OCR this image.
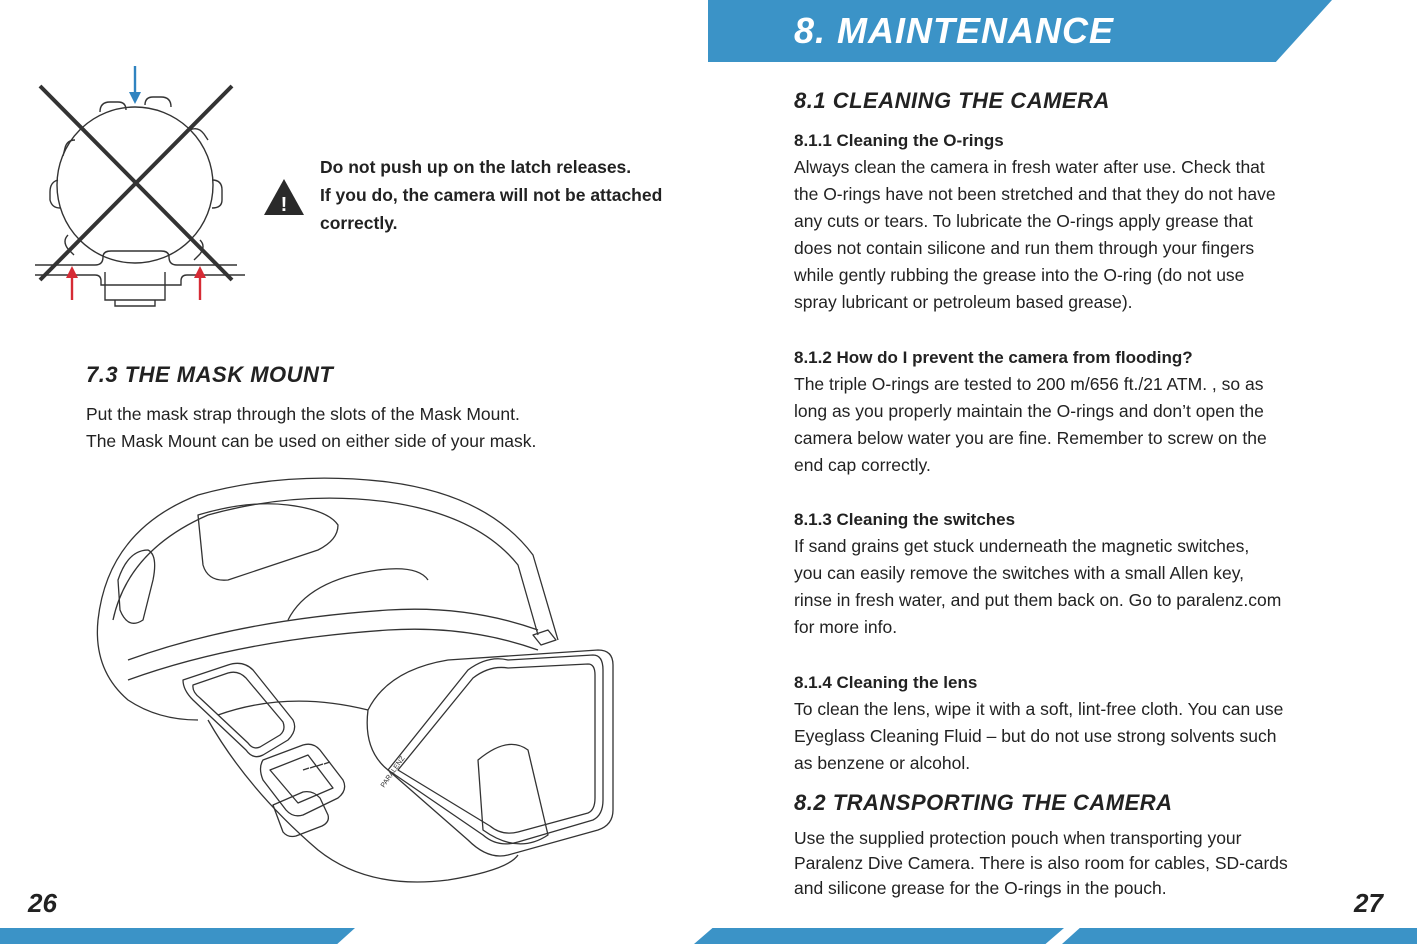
!
Do not push up on the latch releases.
If you do, the camera will not be attached
correctly.
7.3 THE MASK MOUNT
Put the mask strap through the slots of the Mask Mount.
The Mask Mount can be used on either side of your mask.
PARALENZ
26
8. MAINTENANCE
8.1 CLEANING THE CAMERA
8.1.1 Cleaning the O-rings
Always clean the camera in fresh water after use. Check that
the O-rings have not been stretched and that they do not have
any cuts or tears. To lubricate the O-rings apply grease that
does not contain silicone and run them through your fingers
while gently rubbing the grease into the O-ring (do not use
spray lubricant or petroleum based grease).
8.1.2 How do I prevent the camera from flooding?
The triple O-rings are tested to 200 m/656 ft./21 ATM. , so as
long as you properly maintain the O-rings and don’t open the
camera below water you are fine. Remember to screw on the
end cap correctly.
8.1.3 Cleaning the switches
If sand grains get stuck underneath the magnetic switches,
you can easily remove the switches with a small Allen key,
rinse in fresh water, and put them back on. Go to paralenz.com
for more info.
8.1.4 Cleaning the lens
To clean the lens, wipe it with a soft, lint-free cloth. You can use
Eyeglass Cleaning Fluid – but do not use strong solvents such
as benzene or alcohol.
8.2 TRANSPORTING THE CAMERA
Use the supplied protection pouch when transporting your
Paralenz Dive Camera. There is also room for cables, SD-cards
and silicone grease for the O-rings in the pouch.	27
